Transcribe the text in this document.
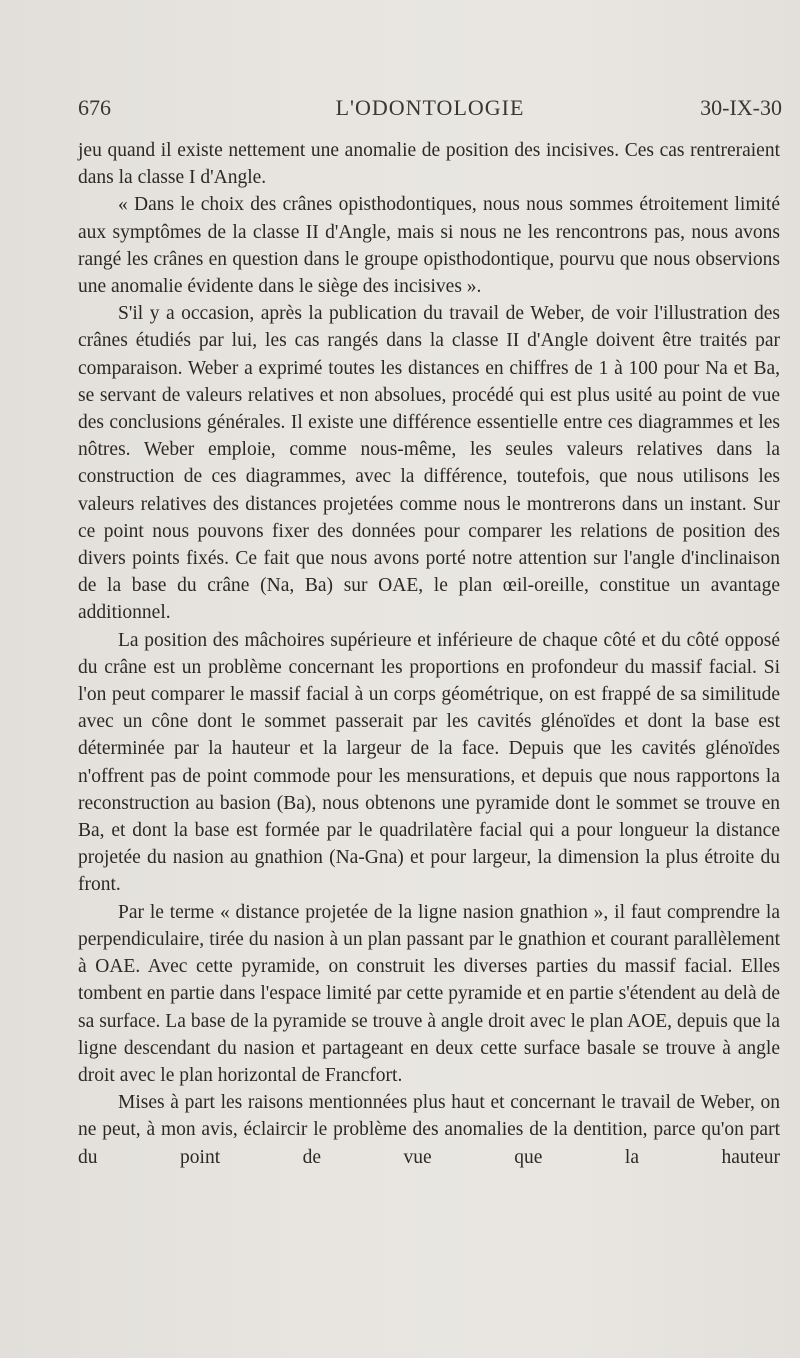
676	L'ODONTOLOGIE	30-IX-30

jeu quand il existe nettement une anomalie de position des incisives. Ces cas rentreraient dans la classe I d'Angle.

« Dans le choix des crânes opisthodontiques, nous nous sommes étroitement limité aux symptômes de la classe II d'Angle, mais si nous ne les rencontrons pas, nous avons rangé les crânes en question dans le groupe opisthodontique, pourvu que nous observions une anomalie évidente dans le siège des incisives ».

S'il y a occasion, après la publication du travail de Weber, de voir l'illustration des crânes étudiés par lui, les cas rangés dans la classe II d'Angle doivent être traités par comparaison. Weber a exprimé toutes les distances en chiffres de 1 à 100 pour Na et Ba, se servant de valeurs relatives et non absolues, procédé qui est plus usité au point de vue des conclusions générales. Il existe une différence essentielle entre ces diagrammes et les nôtres. Weber emploie, comme nous-même, les seules valeurs relatives dans la construction de ces diagrammes, avec la différence, toutefois, que nous utilisons les valeurs relatives des distances projetées comme nous le montrerons dans un instant. Sur ce point nous pouvons fixer des données pour comparer les relations de position des divers points fixés. Ce fait que nous avons porté notre attention sur l'angle d'inclinaison de la base du crâne (Na, Ba) sur OAE, le plan œil-oreille, constitue un avantage additionnel.

La position des mâchoires supérieure et inférieure de chaque côté et du côté opposé du crâne est un problème concernant les proportions en profondeur du massif facial. Si l'on peut comparer le massif facial à un corps géométrique, on est frappé de sa similitude avec un cône dont le sommet passerait par les cavités glénoïdes et dont la base est déterminée par la hauteur et la largeur de la face. Depuis que les cavités glénoïdes n'offrent pas de point commode pour les mensurations, et depuis que nous rapportons la reconstruction au basion (Ba), nous obtenons une pyramide dont le sommet se trouve en Ba, et dont la base est formée par le quadrilatère facial qui a pour longueur la distance projetée du nasion au gnathion (Na-Gna) et pour largeur, la dimension la plus étroite du front.

Par le terme « distance projetée de la ligne nasion gnathion », il faut comprendre la perpendiculaire, tirée du nasion à un plan passant par le gnathion et courant parallèlement à OAE. Avec cette pyramide, on construit les diverses parties du massif facial. Elles tombent en partie dans l'espace limité par cette pyramide et en partie s'étendent au delà de sa surface. La base de la pyramide se trouve à angle droit avec le plan AOE, depuis que la ligne descendant du nasion et partageant en deux cette surface basale se trouve à angle droit avec le plan horizontal de Francfort.

Mises à part les raisons mentionnées plus haut et concernant le travail de Weber, on ne peut, à mon avis, éclaircir le problème des anomalies de la dentition, parce qu'on part du point de vue que la hauteur
